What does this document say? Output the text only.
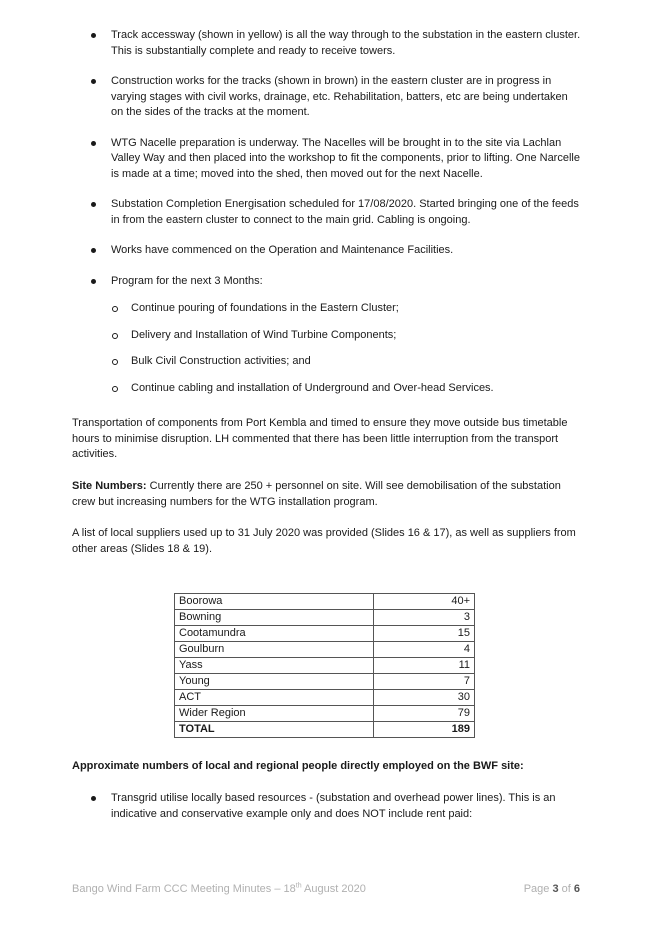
Track accessway (shown in yellow) is all the way through to the substation in the eastern cluster. This is substantially complete and ready to receive towers.
Construction works for the tracks (shown in brown) in the eastern cluster are in progress in varying stages with civil works, drainage, etc. Rehabilitation, batters, etc are being undertaken on the sides of the tracks at the moment.
WTG Nacelle preparation is underway. The Nacelles will be brought in to the site via Lachlan Valley Way and then placed into the workshop to fit the components, prior to lifting. One Narcelle is made at a time; moved into the shed, then moved out for the next Nacelle.
Substation Completion Energisation scheduled for 17/08/2020. Started bringing one of the feeds in from the eastern cluster to connect to the main grid. Cabling is ongoing.
Works have commenced on the Operation and Maintenance Facilities.
Program for the next 3 Months:
Continue pouring of foundations in the Eastern Cluster;
Delivery and Installation of Wind Turbine Components;
Bulk Civil Construction activities; and
Continue cabling and installation of Underground and Over-head Services.
Transportation of components from Port Kembla and timed to ensure they move outside bus timetable hours to minimise disruption. LH commented that there has been little interruption from the transport activities.
Site Numbers: Currently there are 250 + personnel on site. Will see demobilisation of the substation crew but increasing numbers for the WTG installation program.
A list of local suppliers used up to 31 July 2020 was provided (Slides 16 & 17), as well as suppliers from other areas (Slides 18 & 19).
Boorowa	40+
Bowning	3
Cootamundra	15
Goulburn	4
Yass	11
Young	7
ACT	30
Wider Region	79
TOTAL	189
Approximate numbers of local and regional people directly employed on the BWF site:
Transgrid utilise locally based resources - (substation and overhead power lines). This is an indicative and conservative example only and does NOT include rent paid:
Bango Wind Farm CCC Meeting Minutes – 18th August 2020	Page 3 of 6
